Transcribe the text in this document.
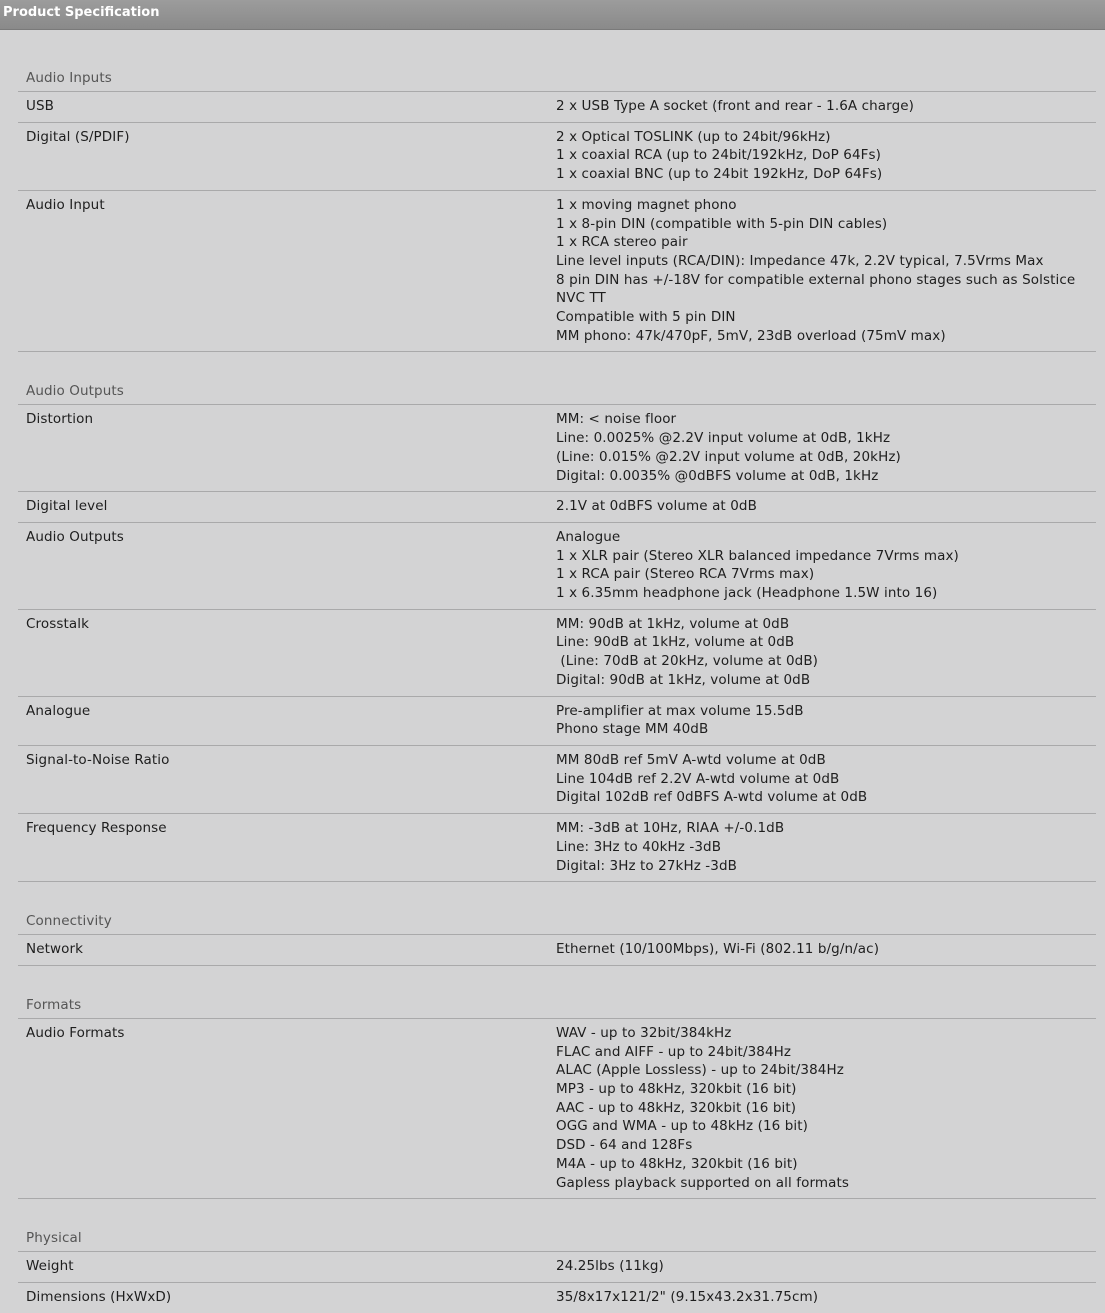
Product Specification
Audio Inputs
USB	2 x USB Type A socket (front and rear - 1.6A charge)
Digital (S/PDIF)	2 x Optical TOSLINK (up to 24bit/96kHz)
1 x coaxial RCA (up to 24bit/192kHz, DoP 64Fs)
1 x coaxial BNC (up to 24bit 192kHz, DoP 64Fs)
Audio Input	1 x moving magnet phono
1 x 8-pin DIN (compatible with 5-pin DIN cables)
1 x RCA stereo pair
Line level inputs (RCA/DIN): Impedance 47k, 2.2V typical, 7.5Vrms Max
8 pin DIN has +/-18V for compatible external phono stages such as Solstice
NVC TT
Compatible with 5 pin DIN
MM phono: 47k/470pF, 5mV, 23dB overload (75mV max)
Audio Outputs
Distortion	MM: < noise floor
Line: 0.0025% @2.2V input volume at 0dB, 1kHz
(Line: 0.015% @2.2V input volume at 0dB, 20kHz)
Digital: 0.0035% @0dBFS volume at 0dB, 1kHz
Digital level	2.1V at 0dBFS volume at 0dB
Audio Outputs	Analogue
1 x XLR pair (Stereo XLR balanced impedance 7Vrms max)
1 x RCA pair (Stereo RCA 7Vrms max)
1 x 6.35mm headphone jack (Headphone 1.5W into 16)
Crosstalk	MM: 90dB at 1kHz, volume at 0dB
Line: 90dB at 1kHz, volume at 0dB
(Line: 70dB at 20kHz, volume at 0dB)
Digital: 90dB at 1kHz, volume at 0dB
Analogue	Pre-amplifier at max volume 15.5dB
Phono stage MM 40dB
Signal-to-Noise Ratio	MM 80dB ref 5mV A-wtd volume at 0dB
Line 104dB ref 2.2V A-wtd volume at 0dB
Digital 102dB ref 0dBFS A-wtd volume at 0dB
Frequency Response	MM: -3dB at 10Hz, RIAA +/-0.1dB
Line: 3Hz to 40kHz -3dB
Digital: 3Hz to 27kHz -3dB
Connectivity
Network	Ethernet (10/100Mbps), Wi-Fi (802.11 b/g/n/ac)
Formats
Audio Formats	WAV - up to 32bit/384kHz
FLAC and AIFF - up to 24bit/384Hz
ALAC (Apple Lossless) - up to 24bit/384Hz
MP3 - up to 48kHz, 320kbit (16 bit)
AAC - up to 48kHz, 320kbit (16 bit)
OGG and WMA - up to 48kHz (16 bit)
DSD - 64 and 128Fs
M4A - up to 48kHz, 320kbit (16 bit)
Gapless playback supported on all formats
Physical
Weight	24.25lbs (11kg)
Dimensions (HxWxD)	35/8x17x121/2" (9.15x43.2x31.75cm)
